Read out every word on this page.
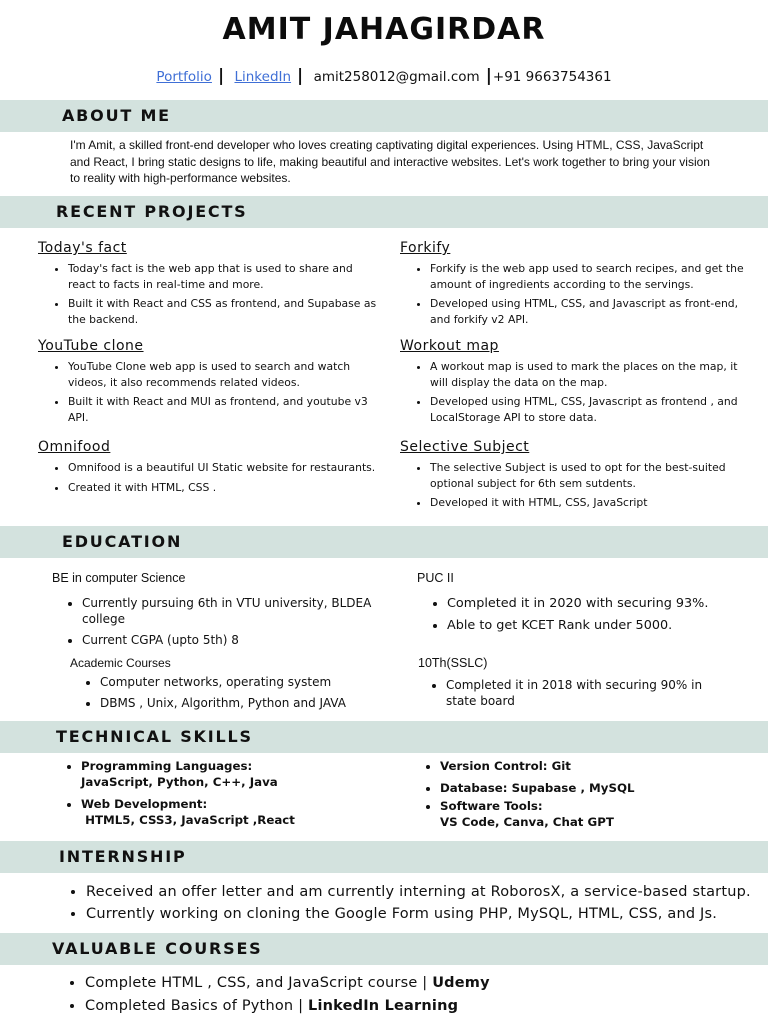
AMIT JAHAGIRDAR
Portfolio | LinkedIn | amit258012@gmail.com |+91 9663754361
ABOUT ME
I'm Amit, a skilled front-end developer who loves creating captivating digital experiences. Using HTML, CSS, JavaScript and React, I bring static designs to life, making beautiful and interactive websites. Let's work together to bring your vision to reality with high-performance websites.
RECENT PROJECTS
Today's fact
• Today's fact is the web app that is used to share and react to facts in real-time and more.
• Built it with React and CSS as frontend, and Supabase as the backend.
Forkify
• Forkify is the web app used to search recipes, and get the amount of ingredients according to the servings.
• Developed using HTML, CSS, and Javascript as front-end, and forkify v2 API.
YouTube clone
• YouTube Clone web app is used to search and watch videos, it also recommends related videos.
• Built it with React and MUI as frontend, and youtube v3 API.
Workout map
• A workout map is used to mark the places on the map, it will display the data on the map.
• Developed using HTML, CSS, Javascript as frontend , and LocalStorage API to store data.
Omnifood
• Omnifood is a beautiful UI Static website for restaurants.
• Created it with HTML, CSS .
Selective Subject
• The selective Subject is used to opt for the best-suited optional subject for 6th sem sutdents.
• Developed it with HTML, CSS, JavaScript
EDUCATION
BE in computer Science
• Currently pursuing 6th in VTU university, BLDEA college
• Current CGPA (upto 5th) 8
Academic Courses
• Computer networks, operating system
• DBMS , Unix, Algorithm, Python and JAVA
PUC II
• Completed it in 2020 with securing 93%.
• Able to get KCET Rank under 5000.
10Th(SSLC)
• Completed it in 2018 with securing 90% in state board
TECHNICAL SKILLS
• Programming Languages:
JavaScript, Python, C++, Java
• Web Development:
HTML5, CSS3, JavaScript ,React
• Version Control: Git
• Database: Supabase , MySQL
• Software Tools:
VS Code, Canva, Chat GPT
INTERNSHIP
• Received an offer letter and am currently interning at RoborosX, a service-based startup.
• Currently working on cloning the Google Form using PHP, MySQL, HTML, CSS, and Js.
VALUABLE COURSES
• Complete HTML , CSS, and JavaScript course | Udemy
• Completed Basics of Python | LinkedIn Learning
